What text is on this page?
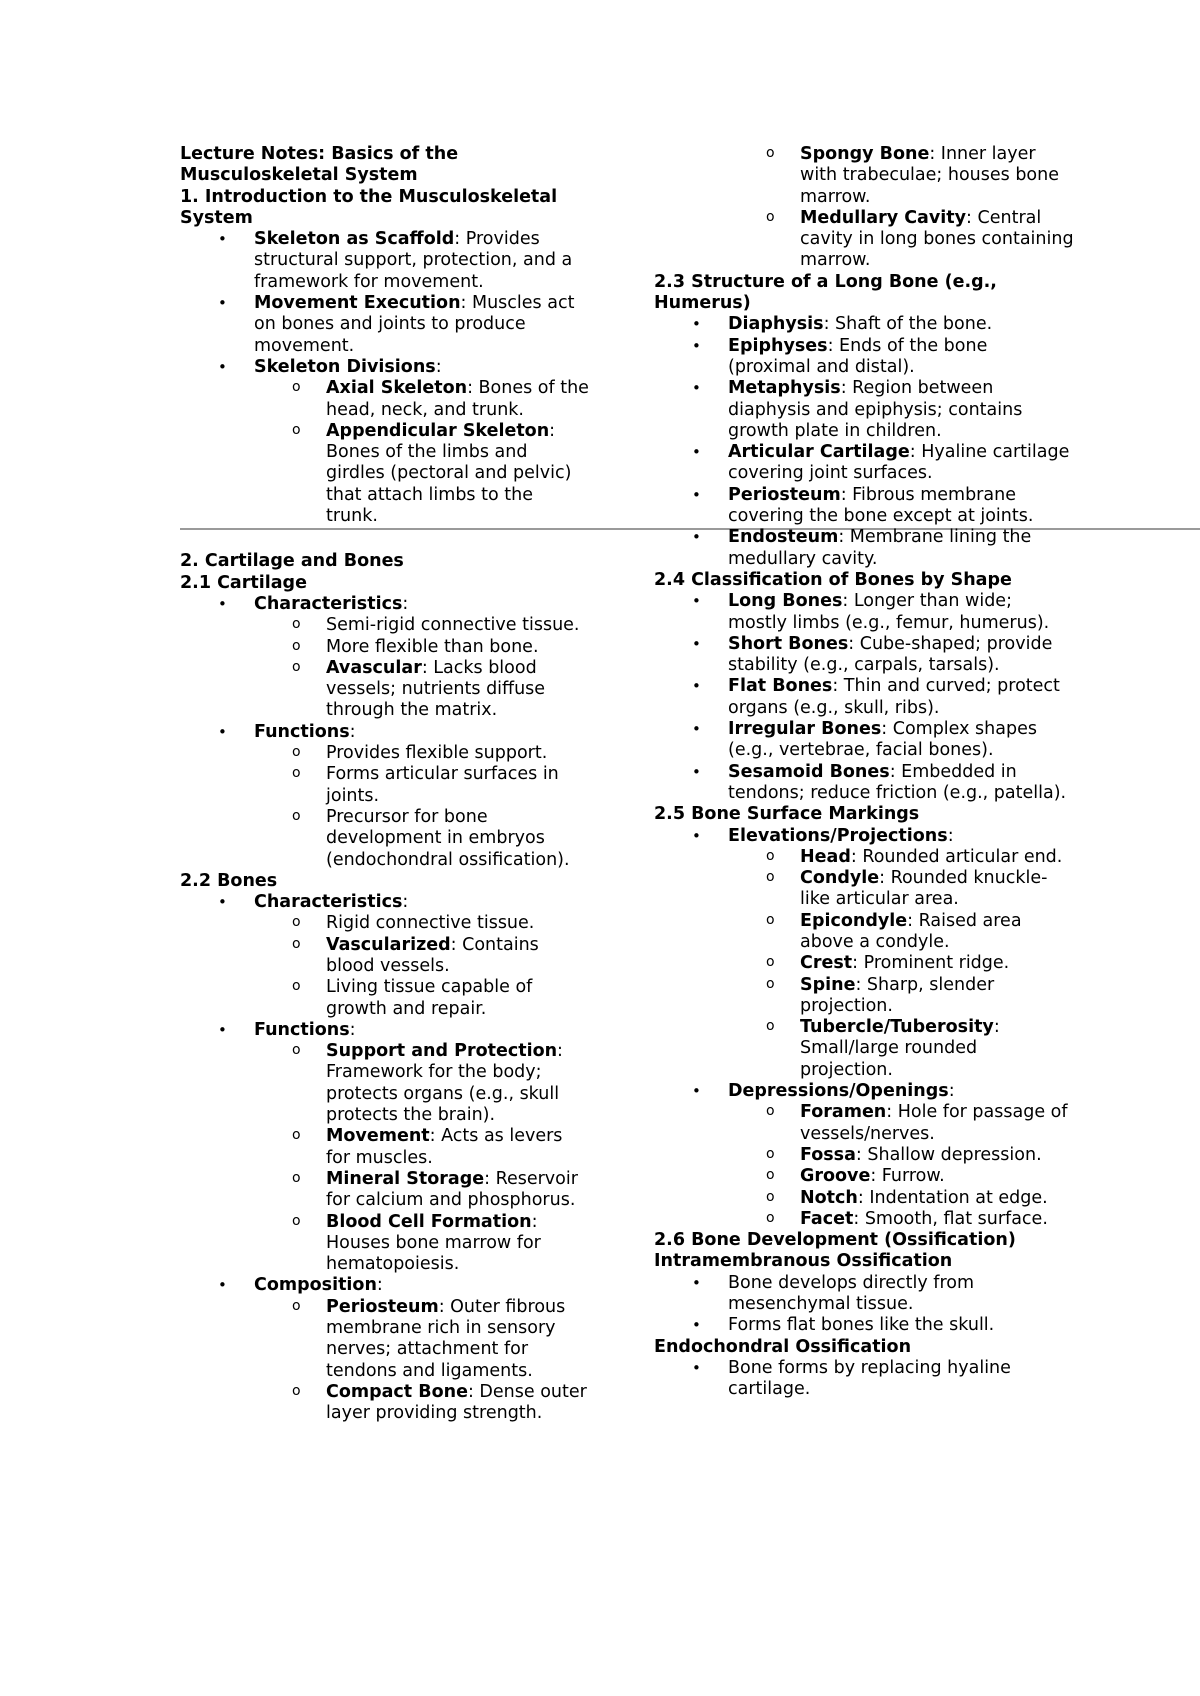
Lecture Notes: Basics of the Musculoskeletal System
1. Introduction to the Musculoskeletal System
• Skeleton as Scaffold: Provides structural support, protection, and a framework for movement.
• Movement Execution: Muscles act on bones and joints to produce movement.
• Skeleton Divisions:
o Axial Skeleton: Bones of the head, neck, and trunk.
o Appendicular Skeleton: Bones of the limbs and girdles (pectoral and pelvic) that attach limbs to the trunk.
2. Cartilage and Bones
2.1 Cartilage
• Characteristics:
o Semi-rigid connective tissue.
o More flexible than bone.
o Avascular: Lacks blood vessels; nutrients diffuse through the matrix.
• Functions:
o Provides flexible support.
o Forms articular surfaces in joints.
o Precursor for bone development in embryos (endochondral ossification).
2.2 Bones
• Characteristics:
o Rigid connective tissue.
o Vascularized: Contains blood vessels.
o Living tissue capable of growth and repair.
• Functions:
o Support and Protection: Framework for the body; protects organs (e.g., skull protects the brain).
o Movement: Acts as levers for muscles.
o Mineral Storage: Reservoir for calcium and phosphorus.
o Blood Cell Formation: Houses bone marrow for hematopoiesis.
• Composition:
o Periosteum: Outer fibrous membrane rich in sensory nerves; attachment for tendons and ligaments.
o Compact Bone: Dense outer layer providing strength.
o Spongy Bone: Inner layer with trabeculae; houses bone marrow.
o Medullary Cavity: Central cavity in long bones containing marrow.
2.3 Structure of a Long Bone (e.g., Humerus)
• Diaphysis: Shaft of the bone.
• Epiphyses: Ends of the bone (proximal and distal).
• Metaphysis: Region between diaphysis and epiphysis; contains growth plate in children.
• Articular Cartilage: Hyaline cartilage covering joint surfaces.
• Periosteum: Fibrous membrane covering the bone except at joints.
• Endosteum: Membrane lining the medullary cavity.
2.4 Classification of Bones by Shape
• Long Bones: Longer than wide; mostly limbs (e.g., femur, humerus).
• Short Bones: Cube-shaped; provide stability (e.g., carpals, tarsals).
• Flat Bones: Thin and curved; protect organs (e.g., skull, ribs).
• Irregular Bones: Complex shapes (e.g., vertebrae, facial bones).
• Sesamoid Bones: Embedded in tendons; reduce friction (e.g., patella).
2.5 Bone Surface Markings
• Elevations/Projections:
o Head: Rounded articular end.
o Condyle: Rounded knuckle-like articular area.
o Epicondyle: Raised area above a condyle.
o Crest: Prominent ridge.
o Spine: Sharp, slender projection.
o Tubercle/Tuberosity: Small/large rounded projection.
• Depressions/Openings:
o Foramen: Hole for passage of vessels/nerves.
o Fossa: Shallow depression.
o Groove: Furrow.
o Notch: Indentation at edge.
o Facet: Smooth, flat surface.
2.6 Bone Development (Ossification)
Intramembranous Ossification
• Bone develops directly from mesenchymal tissue.
• Forms flat bones like the skull.
Endochondral Ossification
• Bone forms by replacing hyaline cartilage.
